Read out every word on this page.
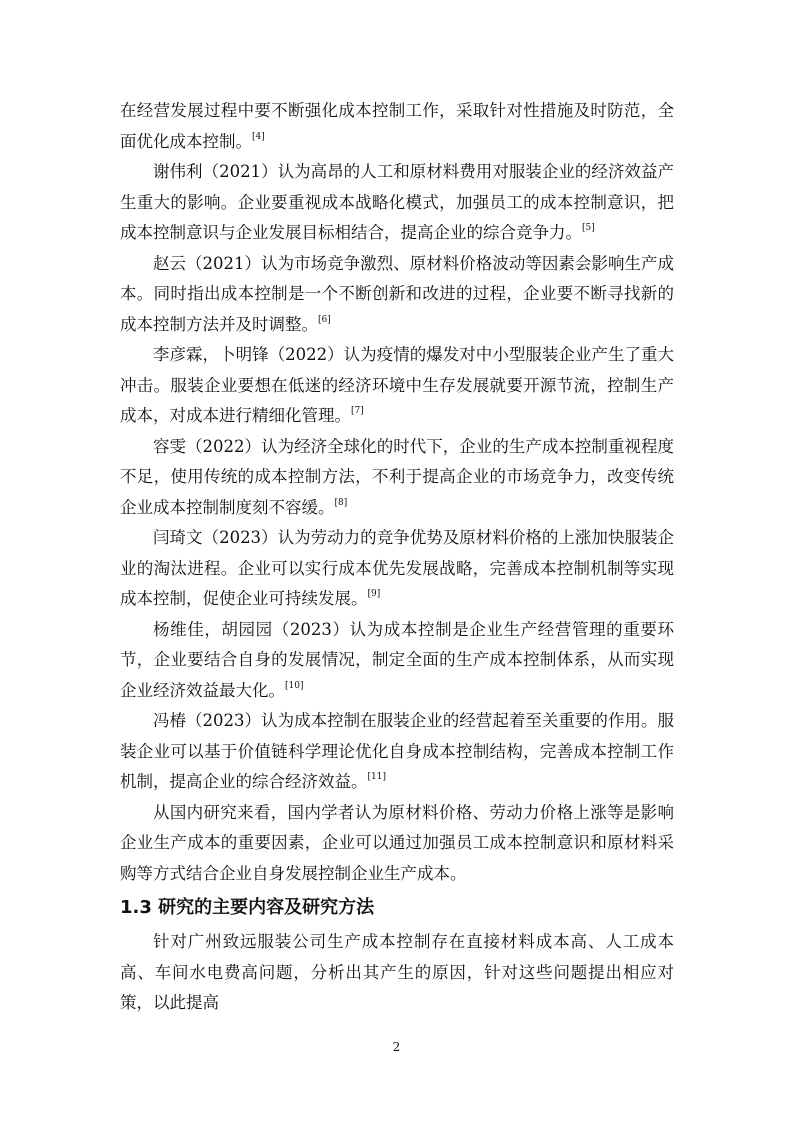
在经营发展过程中要不断强化成本控制工作，采取针对性措施及时防范，全面优化成本控制。[4]

谢伟利（2021）认为高昂的人工和原材料费用对服装企业的经济效益产生重大的影响。企业要重视成本战略化模式，加强员工的成本控制意识，把成本控制意识与企业发展目标相结合，提高企业的综合竞争力。[5]

赵云（2021）认为市场竞争激烈、原材料价格波动等因素会影响生产成本。同时指出成本控制是一个不断创新和改进的过程，企业要不断寻找新的成本控制方法并及时调整。[6]

李彦霖，卜明锋（2022）认为疫情的爆发对中小型服装企业产生了重大冲击。服装企业要想在低迷的经济环境中生存发展就要开源节流，控制生产成本，对成本进行精细化管理。[7]

容雯（2022）认为经济全球化的时代下，企业的生产成本控制重视程度不足，使用传统的成本控制方法，不利于提高企业的市场竞争力，改变传统企业成本控制制度刻不容缓。[8]

闫琦文（2023）认为劳动力的竞争优势及原材料价格的上涨加快服装企业的淘汰进程。企业可以实行成本优先发展战略，完善成本控制机制等实现成本控制，促使企业可持续发展。[9]

杨维佳，胡园园（2023）认为成本控制是企业生产经营管理的重要环节，企业要结合自身的发展情况，制定全面的生产成本控制体系，从而实现企业经济效益最大化。[10]

冯椿（2023）认为成本控制在服装企业的经营起着至关重要的作用。服装企业可以基于价值链科学理论优化自身成本控制结构，完善成本控制工作机制，提高企业的综合经济效益。[11]

从国内研究来看，国内学者认为原材料价格、劳动力价格上涨等是影响企业生产成本的重要因素，企业可以通过加强员工成本控制意识和原材料采购等方式结合企业自身发展控制企业生产成本。

1.3 研究的主要内容及研究方法

针对广州致远服装公司生产成本控制存在直接材料成本高、人工成本高、车间水电费高问题，分析出其产生的原因，针对这些问题提出相应对策，以此提高

2
